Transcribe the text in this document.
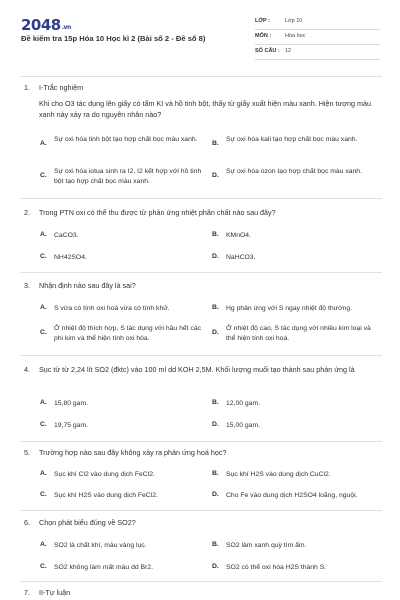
2048.vn
Đề kiểm tra 15p Hóa 10 Học kì 2 (Bài số 2 - Đề số 8)
LỚP :	Lớp 10
MÔN :	Hóa học
SỐ CÂU : 12
1. I-Trắc nghiệm
Khi cho O3 tác dụng lên giấy có tẩm KI và hồ tinh bột, thấy từ giấy xuất hiện màu xanh. Hiện tượng màu xanh này xảy ra do nguyên nhân nào?
A.
Sự oxi hóa tinh bột tạo hợp chất bọc màu xanh.
B.
Sự oxi hóa kali tạo hợp chất bọc màu xanh.
C.
Sự oxi hóa iotua sinh ra I2, I2 kết hợp với hồ tinh bột tạo hợp chất bọc màu xanh.
D.
Sự oxi hóa ozon tạo hợp chất bọc màu xanh.
2. Trong PTN oxi có thể thu được từ phản ứng nhiệt phân chất nào sau đây?
A. CaCO3.	B. KMnO4.
C. NH42SO4.	D. NaHCO3.
3. Nhận định nào sau đây là sai?
A. S vừa có tính oxi hoá vừa có tính khử.	B. Hg phản ứng với S ngay nhiệt độ thường.
C.
Ở nhiệt độ thích hợp, S tác dụng với hầu hết các phi kim và thể hiện tính oxi hóa.
D.
Ở nhiệt độ cao, S tác dụng với nhiều kim loại và thể hiện tính oxi hoá.
4. Sục từ từ 2,24 lít SO2 (đktc) vào 100 ml dd KOH 2,5M. Khối lượng muối tạo thành sau phản ứng là
A. 15,80 gam.	B. 12,00 gam.
C. 19,75 gam.	D. 15,00 gam.
5. Trường hợp nào sau đây không xảy ra phản ứng hoá học?
A. Sục khí Cl2 vào dung dịch FeCl2.	B. Sục khí H2S vào dung dịch CuCl2.
C. Sục khí H2S vào dung dịch FeCl2.	D. Cho Fe vào dung dịch H2SO4 loãng, nguội.
6. Chọn phát biểu đúng về SO2?
A. SO2 là chất khí, màu vàng lục.	B. SO2 làm xanh quỳ tím ẩm.
C. SO2 không làm mất màu dd Br2.	D. SO2 có thể oxi hóa H2S thành S.
7. II-Tự luận
